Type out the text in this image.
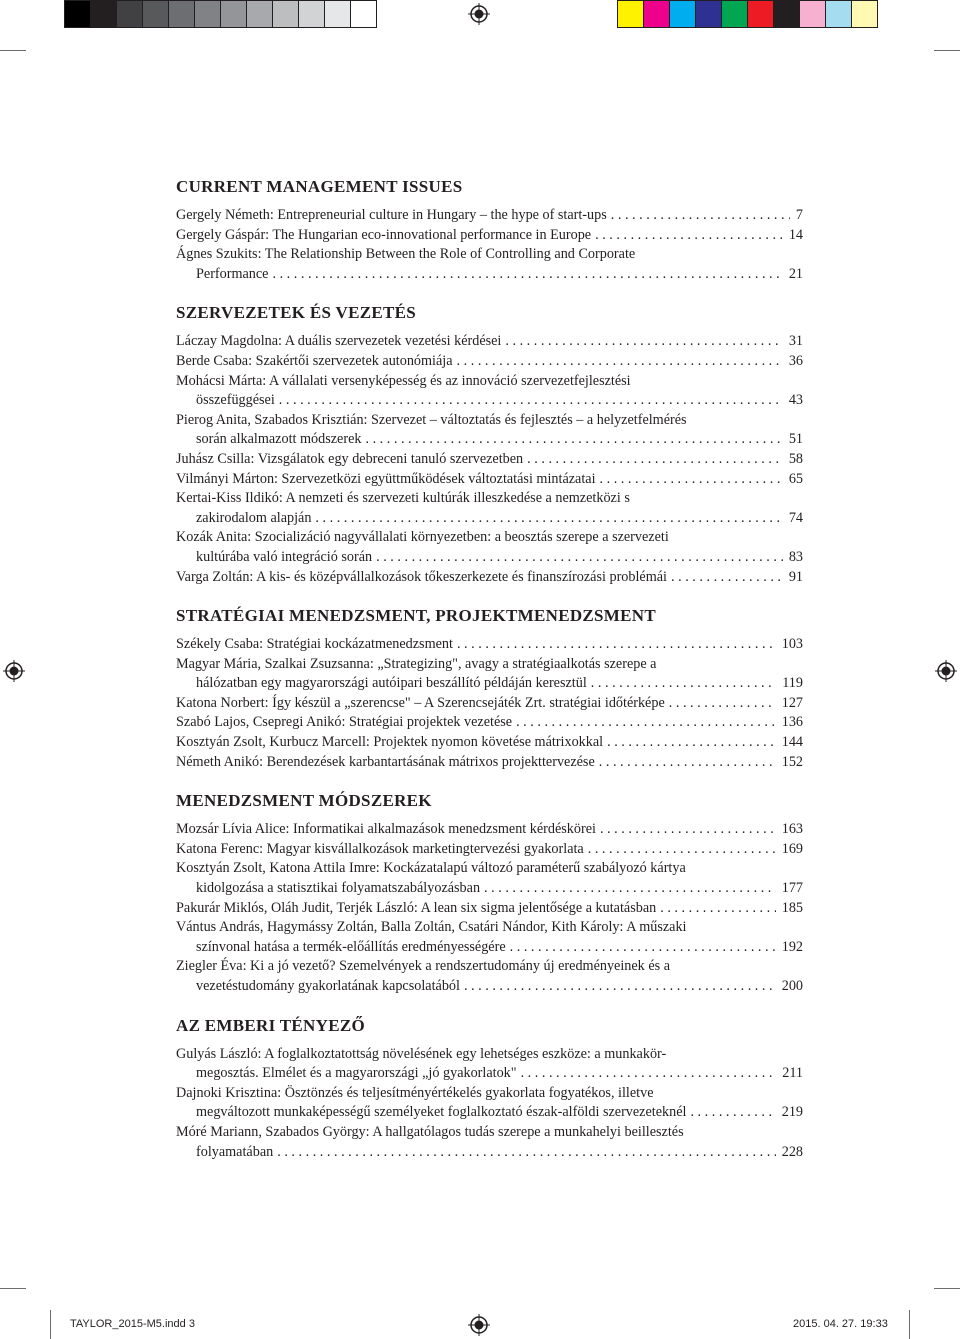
CURRENT MANAGEMENT ISSUES
Gergely Németh: Entrepreneurial culture in Hungary – the hype of start-ups . . .	7
Gergely Gáspár: The Hungarian eco-innovational performance in Europe . . .	14
Ágnes Szukits: The Relationship Between the Role of Controlling and Corporate
Performance . . .	21
SZERVEZETEK ÉS VEZETÉS
Láczay Magdolna: A duális szervezetek vezetési kérdései . . .	31
Berde Csaba: Szakértői szervezetek autonómiája . . .	36
Mohácsi Márta: A vállalati versenyképesség és az innováció szervezetfejlesztési
összefüggései . . .	43
Pierog Anita, Szabados Krisztián: Szervezet – változtatás és fejlesztés – a helyzetfelmérés
során alkalmazott módszerek . . .	51
Juhász Csilla: Vizsgálatok egy debreceni tanuló szervezetben . . .	58
Vilmányi Márton: Szervezetközi együttműködések változtatási mintázatai . . .	65
Kertai-Kiss Ildikó: A nemzeti és szervezeti kultúrák illeszkedése a nemzetközi s
zakirodalom alapján . . .	74
Kozák Anita: Szocializáció nagyvállalati környezetben: a beosztás szerepe a szervezeti
kultúrába való integráció során . . .	83
Varga Zoltán: A kis- és középvállalkozások tőkeszerkezete és finanszírozási problémái . . .	91
STRATÉGIAI MENEDZSMENT, PROJEKTMENEDZSMENT
Székely Csaba: Stratégiai kockázatmenedzsment . . .	103
Magyar Mária, Szalkai Zsuzsanna: „Strategizing", avagy a stratégiaalkotás szerepe a
hálózatban egy magyarországi autóipari beszállító példáján keresztül . . .	119
Katona Norbert: Így készül a „szerencse" – A Szerencsejáték Zrt. stratégiai időtérképe . . .	127
Szabó Lajos, Csepregi Anikó: Stratégiai projektek vezetése . . .	136
Kosztyán Zsolt, Kurbucz Marcell: Projektek nyomon követése mátrixokkal . . .	144
Németh Anikó: Berendezések karbantartásának mátrixos projekttervezése . . .	152
MENEDZSMENT MÓDSZEREK
Mozsár Lívia Alice: Informatikai alkalmazások menedzsment kérdéskörei . . .	163
Katona Ferenc: Magyar kisvállalkozások marketingtervezési gyakorlata . . .	169
Kosztyán Zsolt, Katona Attila Imre: Kockázatalapú változó paraméterű szabályozó kártya
kidolgozása a statisztikai folyamatszabályozásban . . .	177
Pakurár Miklós, Oláh Judit, Terjék László: A lean six sigma jelentősége a kutatásban . . .	185
Vántus András, Hagymássy Zoltán, Balla Zoltán, Csatári Nándor, Kith Károly: A műszaki
színvonal hatása a termék-előállítás eredményességére . . .	192
Ziegler Éva: Ki a jó vezető? Szemelvények a rendszertudomány új eredményeinek és a
vezetéstudomány gyakorlatának kapcsolatából . . .	200
AZ EMBERI TÉNYEZŐ
Gulyás László: A foglalkoztatottság növelésének egy lehetséges eszköze: a munkakör-
megosztás. Elmélet és a magyarországi „jó gyakorlatok" . . .	211
Dajnoki Krisztina: Ösztönzés és teljesítményértékelés gyakorlata fogyatékos, illetve
megváltozott munkaképességű személyeket foglalkoztató észak-alföldi szervezeteknél . . .	219
Móré Mariann, Szabados György: A hallgatólagos tudás szerepe a munkahelyi beillesztés
folyamatában . . .	228
TAYLOR_2015-M5.indd 3	2015. 04. 27. 19:33
